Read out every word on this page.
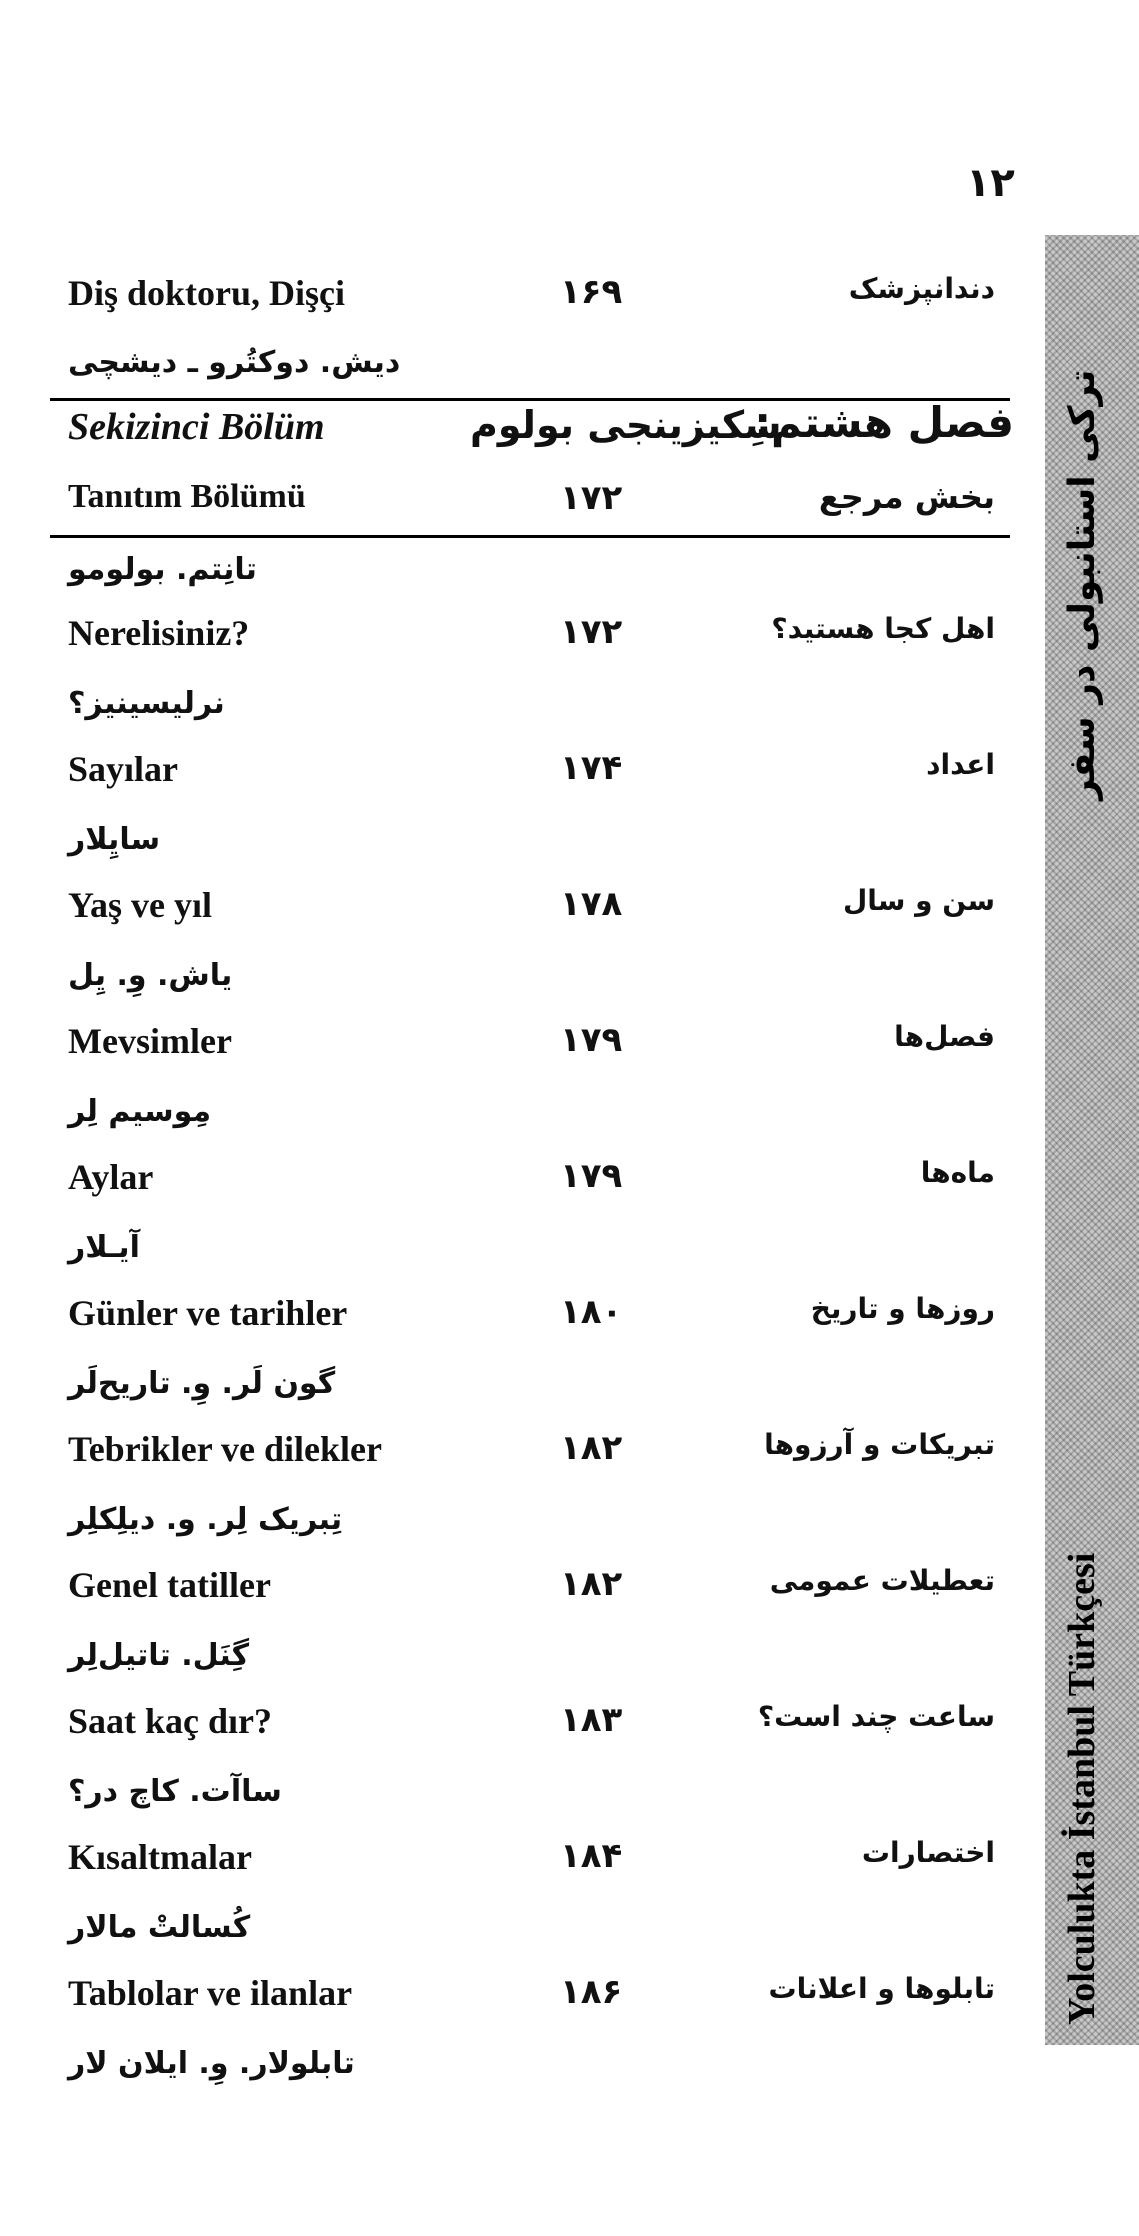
۱۲
ترکی استانبولی در سفر
Yolculukta İstanbul Türkçesi
Diş doktoru, Dişçi	۱۶۹	دندانپزشک
دیش. دوکتُرو ـ دیشچی
Sekizinci Bölüm	سِکیزینجی بولوم
فصل هشتم:
Tanıtım Bölümü	۱۷۲	بخش مرجع
تانِتم. بولومو
Nerelisiniz?	۱۷۲	اهل کجا هستید؟
نرلیسینیز؟
Sayılar	۱۷۴	اعداد
سایِلار
Yaş ve yıl	۱۷۸	سن و سال
یاش. وِ. یِل
Mevsimler	۱۷۹	فصل‌ها
مِوسیم لِر
Aylar	۱۷۹	ماه‌ها
آیـلار
Günler ve tarihler	۱۸۰	روزها و تاریخ
گون لَر. وِ. تاریح‌لَر
Tebrikler ve dilekler	۱۸۲	تبریکات و آرزوها
تِبریک لِر. و. دیلِکلِر
Genel tatiller	۱۸۲	تعطیلات عمومی
گِنَل. تاتیل‌لِر
Saat kaç dır?	۱۸۳	ساعت چند است؟
ساآت. کاچ در؟
Kısaltmalar	۱۸۴	اختصارات
کُسالتْ مالار
Tablolar ve ilanlar	۱۸۶	تابلوها و اعلانات
تابلولار. وِ. ایلان لار
